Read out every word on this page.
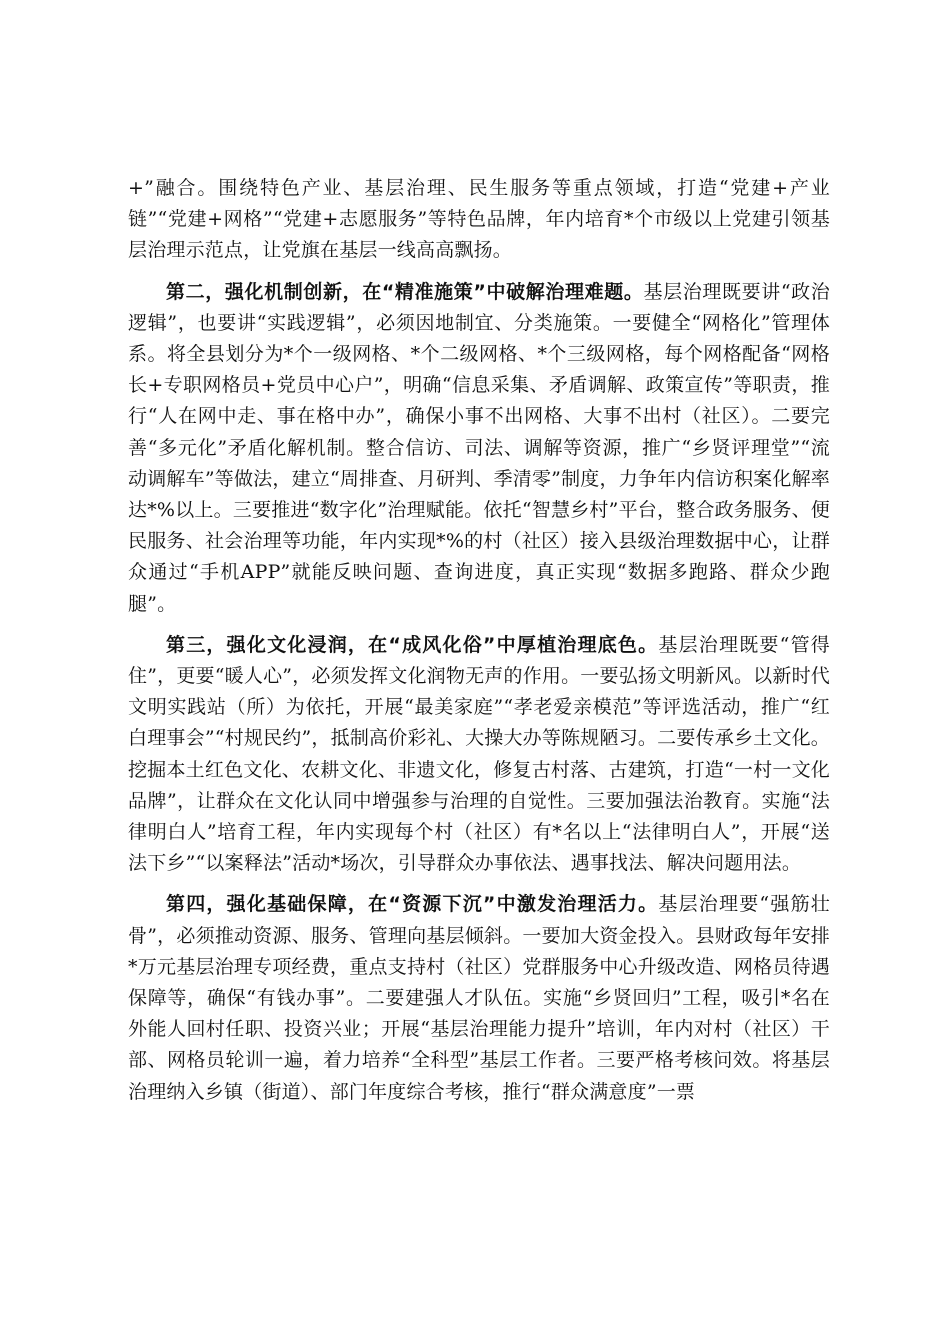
+”融合。围绕特色产业、基层治理、民生服务等重点领域，打造“党建+产业链”“党建+网格”“党建+志愿服务”等特色品牌，年内培育*个市级以上党建引领基层治理示范点，让党旗在基层一线高高飘扬。

第二，强化机制创新，在“精准施策”中破解治理难题。基层治理既要讲“政治逻辑”，也要讲“实践逻辑”，必须因地制宜、分类施策。一要健全“网格化”管理体系。将全县划分为*个一级网格、*个二级网格、*个三级网格，每个网格配备“网格长+专职网格员+党员中心户”，明确“信息采集、矛盾调解、政策宣传”等职责，推行“人在网中走、事在格中办”，确保小事不出网格、大事不出村（社区）。二要完善“多元化”矛盾化解机制。整合信访、司法、调解等资源，推广“乡贤评理堂”“流动调解车”等做法，建立“周排查、月研判、季清零”制度，力争年内信访积案化解率达*%以上。三要推进“数字化”治理赋能。依托“智慧乡村”平台，整合政务服务、便民服务、社会治理等功能，年内实现*%的村（社区）接入县级治理数据中心，让群众通过“手机APP”就能反映问题、查询进度，真正实现“数据多跑路、群众少跑腿”。

第三，强化文化浸润，在“成风化俗”中厚植治理底色。基层治理既要“管得住”，更要“暖人心”，必须发挥文化润物无声的作用。一要弘扬文明新风。以新时代文明实践站（所）为依托，开展“最美家庭”“孝老爱亲模范”等评选活动，推广“红白理事会”“村规民约”，抵制高价彩礼、大操大办等陈规陋习。二要传承乡土文化。挖掘本土红色文化、农耕文化、非遗文化，修复古村落、古建筑，打造“一村一文化品牌”，让群众在文化认同中增强参与治理的自觉性。三要加强法治教育。实施“法律明白人”培育工程，年内实现每个村（社区）有*名以上“法律明白人”，开展“送法下乡”“以案释法”活动*场次，引导群众办事依法、遇事找法、解决问题用法。

第四，强化基础保障，在“资源下沉”中激发治理活力。基层治理要“强筋壮骨”，必须推动资源、服务、管理向基层倾斜。一要加大资金投入。县财政每年安排*万元基层治理专项经费，重点支持村（社区）党群服务中心升级改造、网格员待遇保障等，确保“有钱办事”。二要建强人才队伍。实施“乡贤回归”工程，吸引*名在外能人回村任职、投资兴业；开展“基层治理能力提升”培训，年内对村（社区）干部、网格员轮训一遍，着力培养“全科型”基层工作者。三要严格考核问效。将基层治理纳入乡镇（街道）、部门年度综合考核，推行“群众满意度”一票
